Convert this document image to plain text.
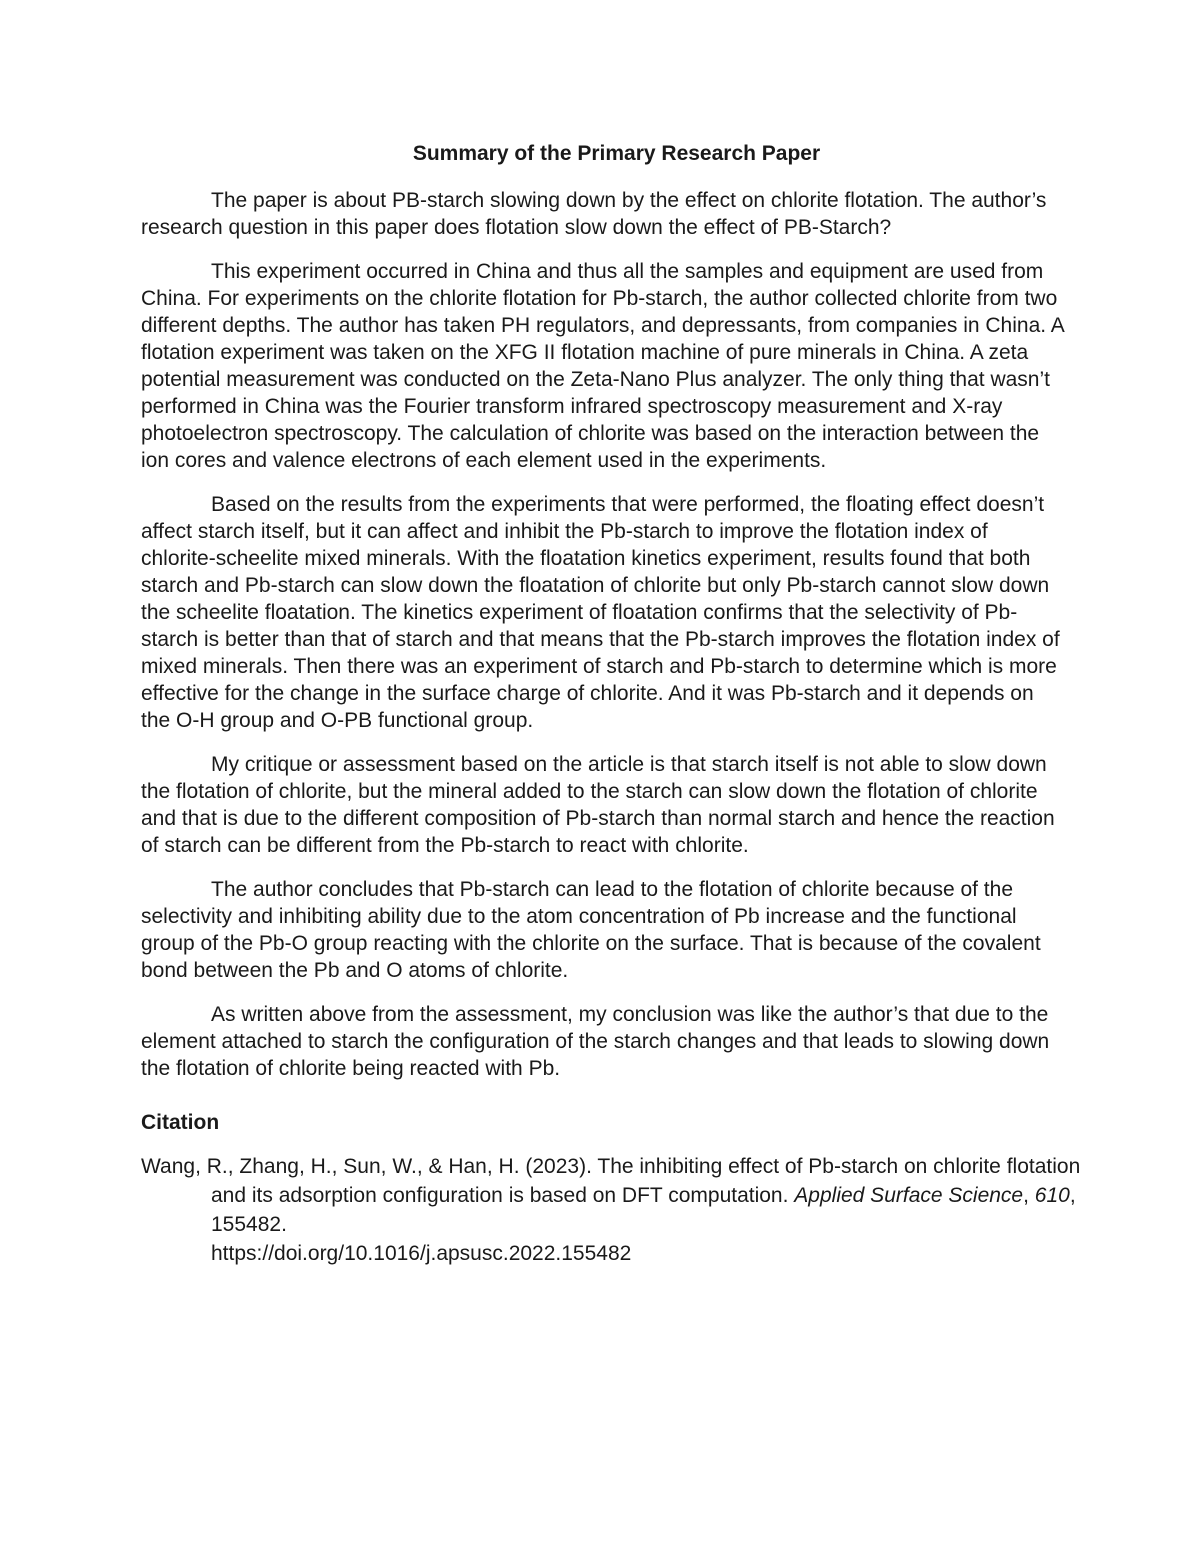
Summary of the Primary Research Paper

The paper is about PB-starch slowing down by the effect on chlorite flotation. The author’s research question in this paper does flotation slow down the effect of PB-Starch?

This experiment occurred in China and thus all the samples and equipment are used from China. For experiments on the chlorite flotation for Pb-starch, the author collected chlorite from two different depths. The author has taken PH regulators, and depressants, from companies in China. A flotation experiment was taken on the XFG II flotation machine of pure minerals in China. A zeta potential measurement was conducted on the Zeta-Nano Plus analyzer. The only thing that wasn’t performed in China was the Fourier transform infrared spectroscopy measurement and X-ray photoelectron spectroscopy. The calculation of chlorite was based on the interaction between the ion cores and valence electrons of each element used in the experiments.

Based on the results from the experiments that were performed, the floating effect doesn’t affect starch itself, but it can affect and inhibit the Pb-starch to improve the flotation index of chlorite-scheelite mixed minerals. With the floatation kinetics experiment, results found that both starch and Pb-starch can slow down the floatation of chlorite but only Pb-starch cannot slow down the scheelite floatation. The kinetics experiment of floatation confirms that the selectivity of Pb-starch is better than that of starch and that means that the Pb-starch improves the flotation index of mixed minerals. Then there was an experiment of starch and Pb-starch to determine which is more effective for the change in the surface charge of chlorite. And it was Pb-starch and it depends on the O-H group and O-PB functional group.

My critique or assessment based on the article is that starch itself is not able to slow down the flotation of chlorite, but the mineral added to the starch can slow down the flotation of chlorite and that is due to the different composition of Pb-starch than normal starch and hence the reaction of starch can be different from the Pb-starch to react with chlorite.

The author concludes that Pb-starch can lead to the flotation of chlorite because of the selectivity and inhibiting ability due to the atom concentration of Pb increase and the functional group of the Pb-O group reacting with the chlorite on the surface. That is because of the covalent bond between the Pb and O atoms of chlorite.

As written above from the assessment, my conclusion was like the author’s that due to the element attached to starch the configuration of the starch changes and that leads to slowing down the flotation of chlorite being reacted with Pb.

Citation

Wang, R., Zhang, H., Sun, W., & Han, H. (2023). The inhibiting effect of Pb-starch on chlorite flotation and its adsorption configuration is based on DFT computation. Applied Surface Science, 610, 155482.
https://doi.org/10.1016/j.apsusc.2022.155482
